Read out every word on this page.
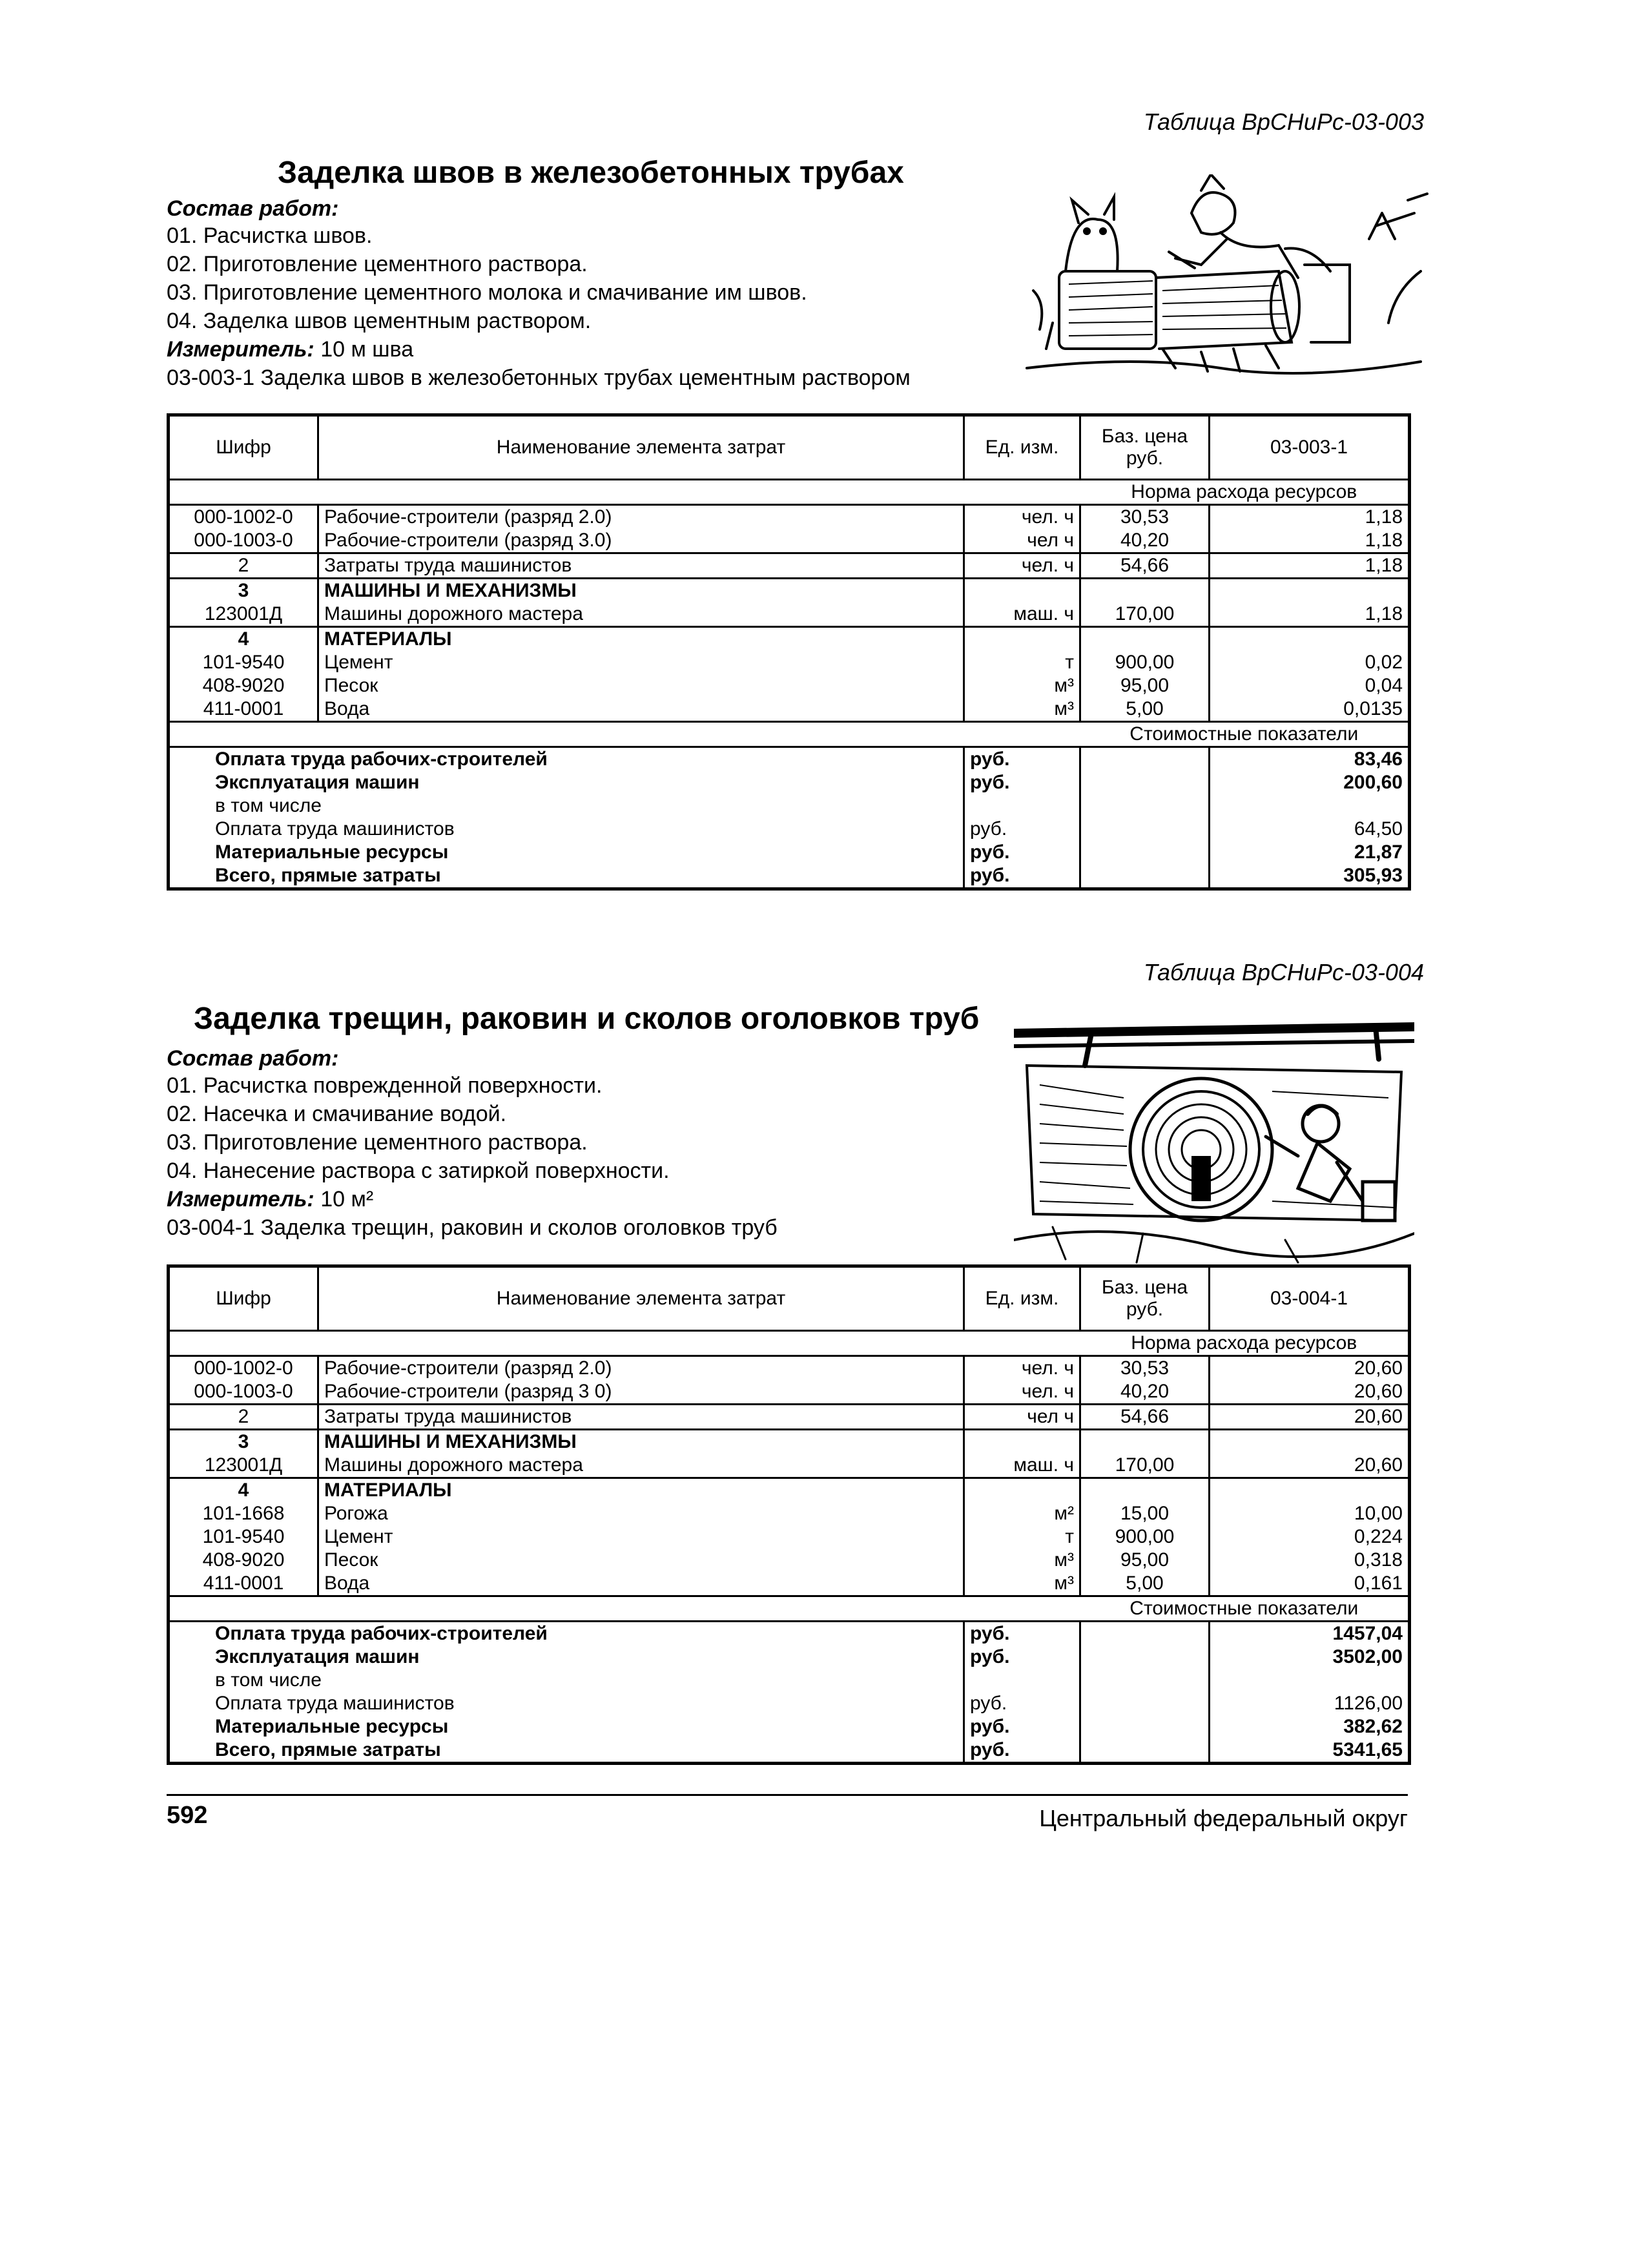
Таблица ВрСНиРс-03-003
Заделка швов в железобетонных трубах
Состав работ:
01. Расчистка швов.
02. Приготовление цементного раствора.
03. Приготовление цементного молока и смачивание им швов.
04. Заделка швов цементным раствором.
Измеритель: 10 м шва
03-003-1 Заделка швов в железобетонных трубах цементным раствором
Шифр	Наименование элемента затрат	Ед. изм.	Баз. цена руб.	03-003-1
			Норма расхода ресурсов	
000-1002-0	Рабочие-строители (разряд 2.0)	чел. ч	30,53	1,18
000-1003-0	Рабочие-строители (разряд 3.0)	чел ч	40,20	1,18
2	Затраты труда машинистов	чел. ч	54,66	1,18
3	МАШИНЫ И МЕХАНИЗМЫ			
123001Д	Машины дорожного мастера	маш. ч	170,00	1,18
4	МАТЕРИАЛЫ			
101-9540	Цемент	т	900,00	0,02
408-9020	Песок	м³	95,00	0,04
411-0001	Вода	м³	5,00	0,0135
			Стоимостные показатели	
Оплата труда рабочих-строителей		руб.		83,46
Эксплуатация машин		руб.		200,60
в том числе				
Оплата труда машинистов		руб.		64,50
Материальные ресурсы		руб.		21,87
Всего, прямые затраты		руб.		305,93
Таблица ВрСНиРс-03-004
Заделка трещин, раковин и сколов оголовков труб
Состав работ:
01. Расчистка поврежденной поверхности.
02. Насечка и смачивание водой.
03. Приготовление цементного раствора.
04. Нанесение раствора с затиркой поверхности.
Измеритель: 10 м²
03-004-1 Заделка трещин, раковин и сколов оголовков труб
Шифр	Наименование элемента затрат	Ед. изм.	Баз. цена руб.	03-004-1
			Норма расхода ресурсов	
000-1002-0	Рабочие-строители (разряд 2.0)	чел. ч	30,53	20,60
000-1003-0	Рабочие-строители (разряд 3 0)	чел. ч	40,20	20,60
2	Затраты труда машинистов	чел ч	54,66	20,60
3	МАШИНЫ И МЕХАНИЗМЫ			
123001Д	Машины дорожного мастера	маш. ч	170,00	20,60
4	МАТЕРИАЛЫ			
101-1668	Рогожа	м²	15,00	10,00
101-9540	Цемент	т	900,00	0,224
408-9020	Песок	м³	95,00	0,318
411-0001	Вода	м³	5,00	0,161
			Стоимостные показатели	
Оплата труда рабочих-строителей		руб.		1457,04
Эксплуатация машин		руб.		3502,00
в том числе				
Оплата труда машинистов		руб.		1126,00
Материальные ресурсы		руб.		382,62
Всего, прямые затраты		руб.		5341,65
592	Центральный федеральный округ
